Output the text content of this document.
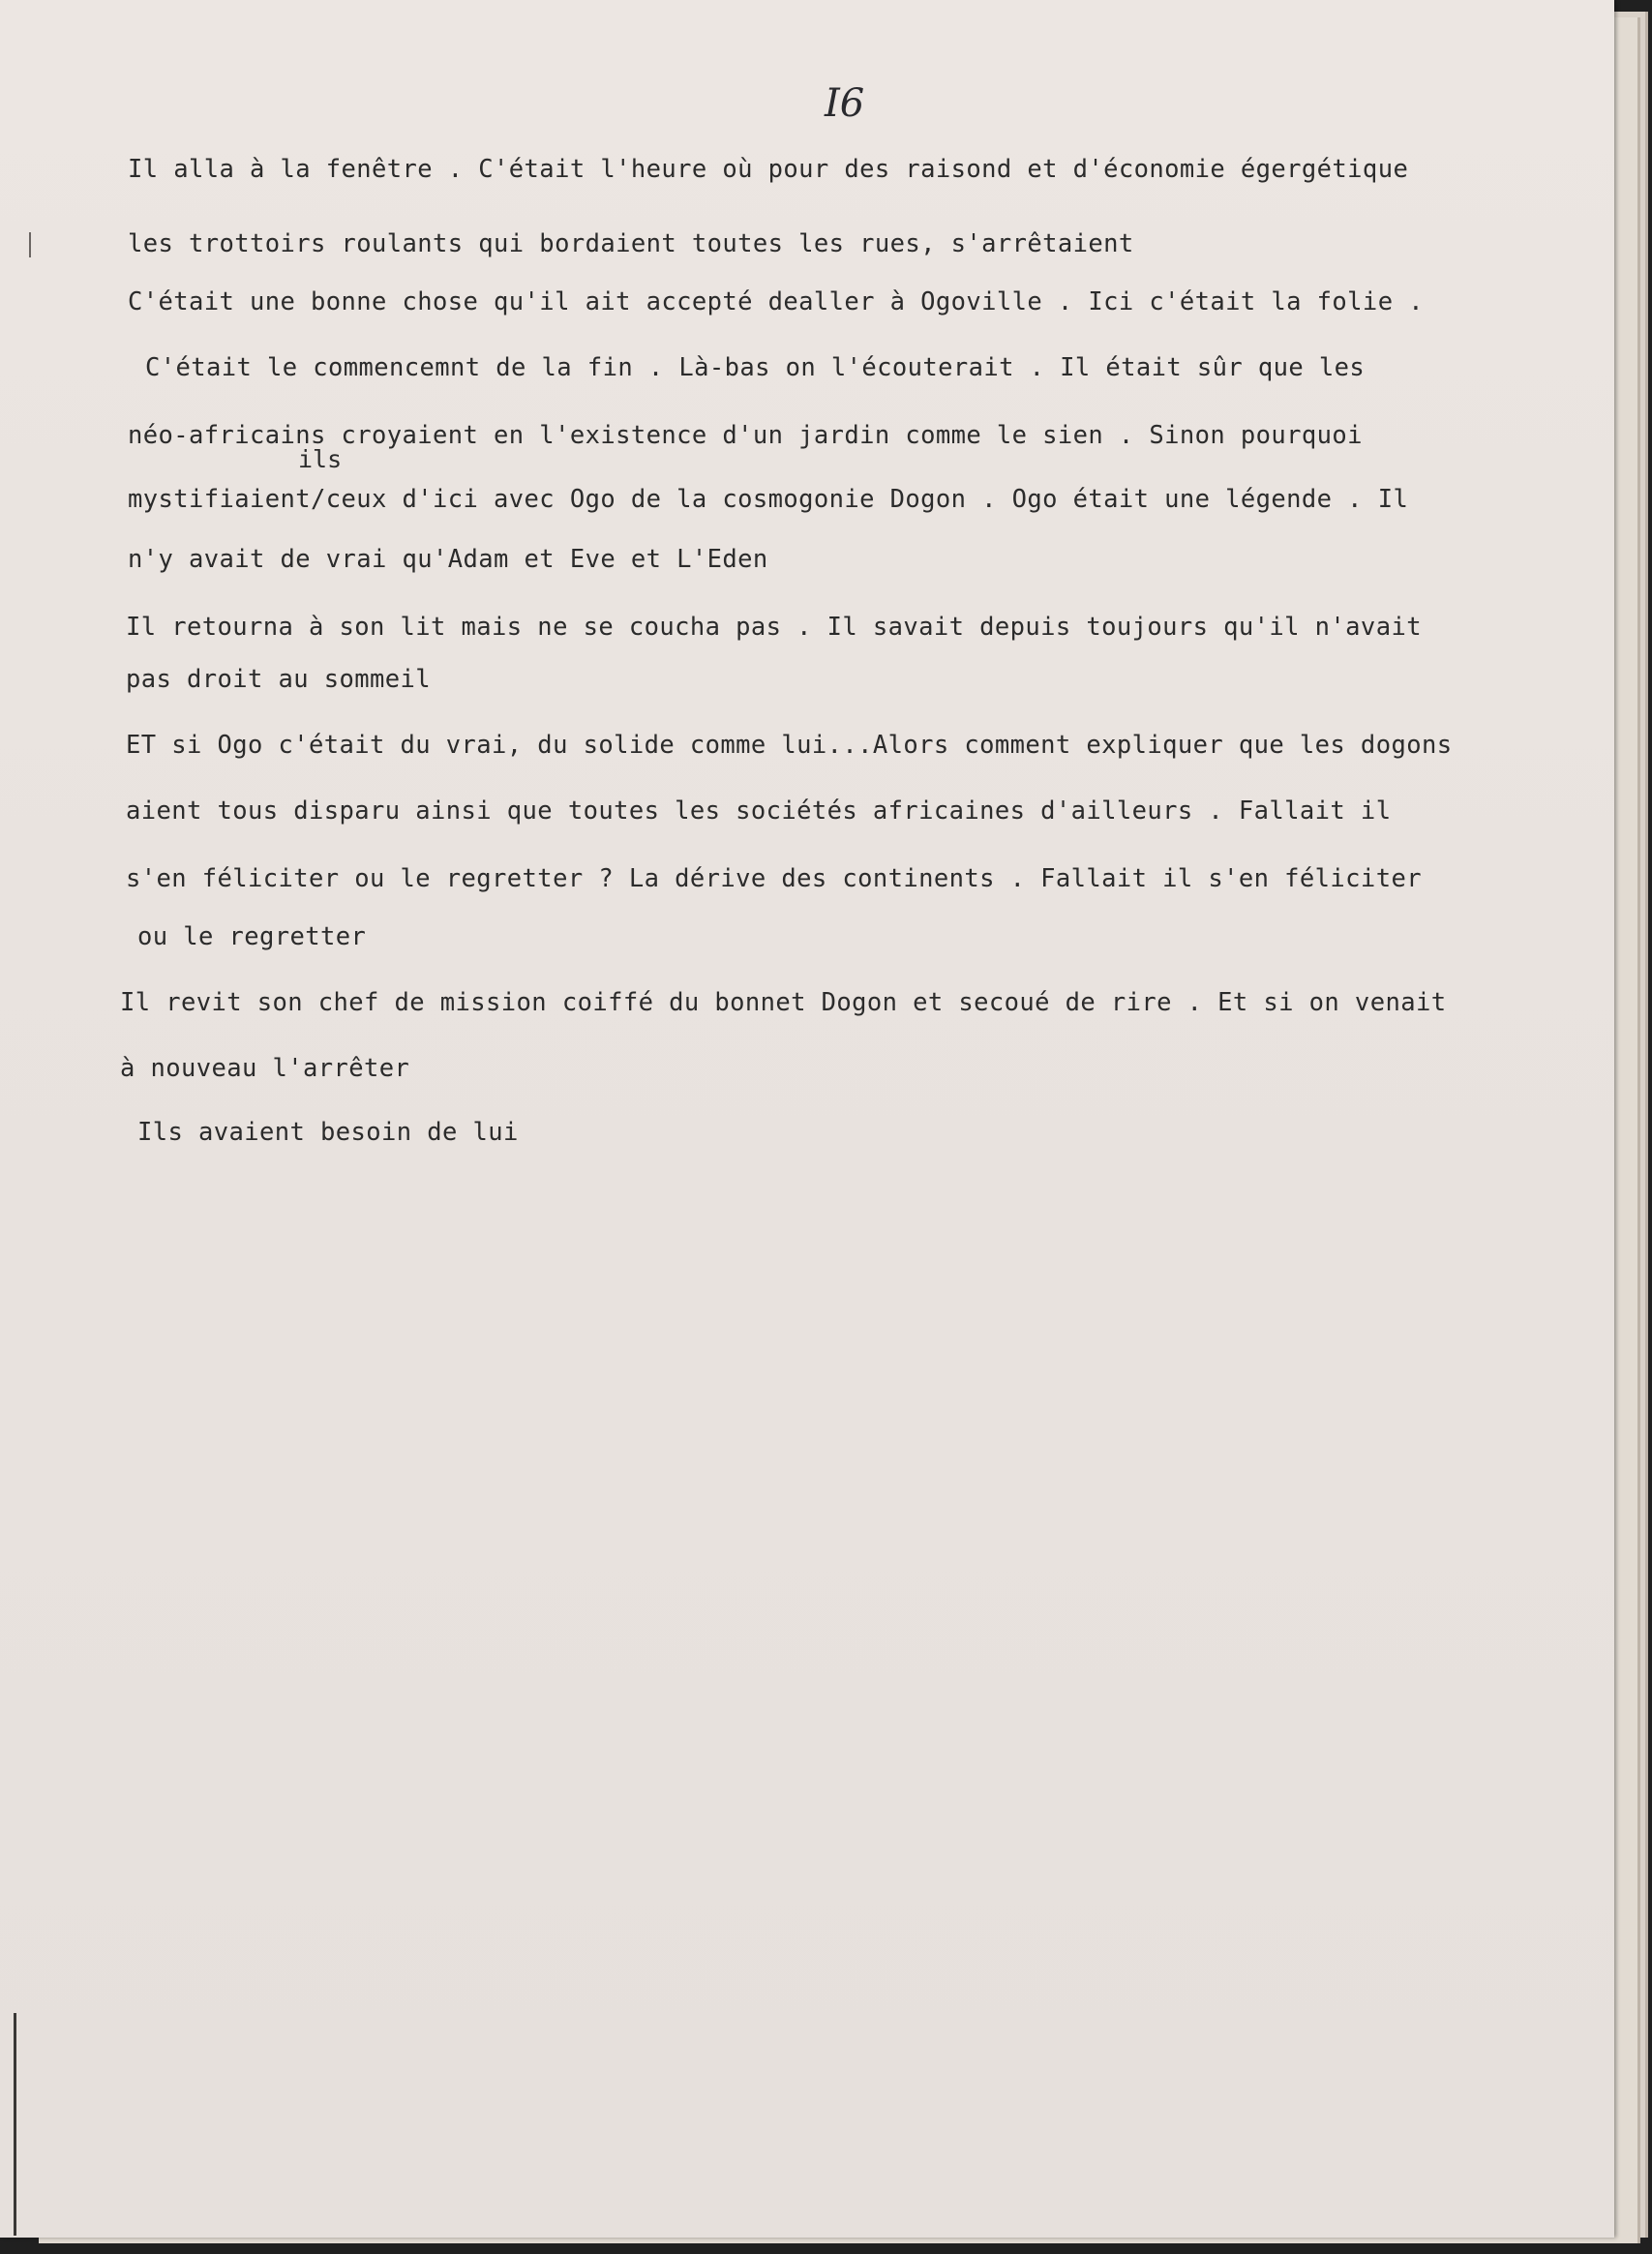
I6
Il alla à la fenêtre . C'était l'heure où pour des raisond et d'économie égergétique
les trottoirs roulants qui bordaient toutes les rues, s'arrêtaient
C'était une bonne chose qu'il ait accepté dealler à Ogoville . Ici c'était la folie .
C'était le commencemnt de la fin . Là-bas on l'écouterait . Il était sûr que les
néo-africains croyaient en l'existence d'un jardin comme le sien . Sinon pourquoi
ils
mystifiaient/ceux d'ici avec Ogo de la cosmogonie Dogon . Ogo était une légende . Il
n'y avait de vrai qu'Adam et Eve et L'Eden
Il retourna à son lit mais ne se coucha pas . Il savait depuis toujours qu'il n'avait
pas droit au sommeil
ET si Ogo c'était du vrai, du solide comme lui...Alors comment expliquer que les dogons
aient tous disparu ainsi que toutes les sociétés africaines d'ailleurs . Fallait il
s'en féliciter ou le regretter ? La dérive des continents . Fallait il s'en féliciter
ou le regretter
Il revit son chef de mission coiffé du bonnet Dogon et secoué de rire . Et si on venait
à nouveau l'arrêter
Ils avaient besoin de lui
